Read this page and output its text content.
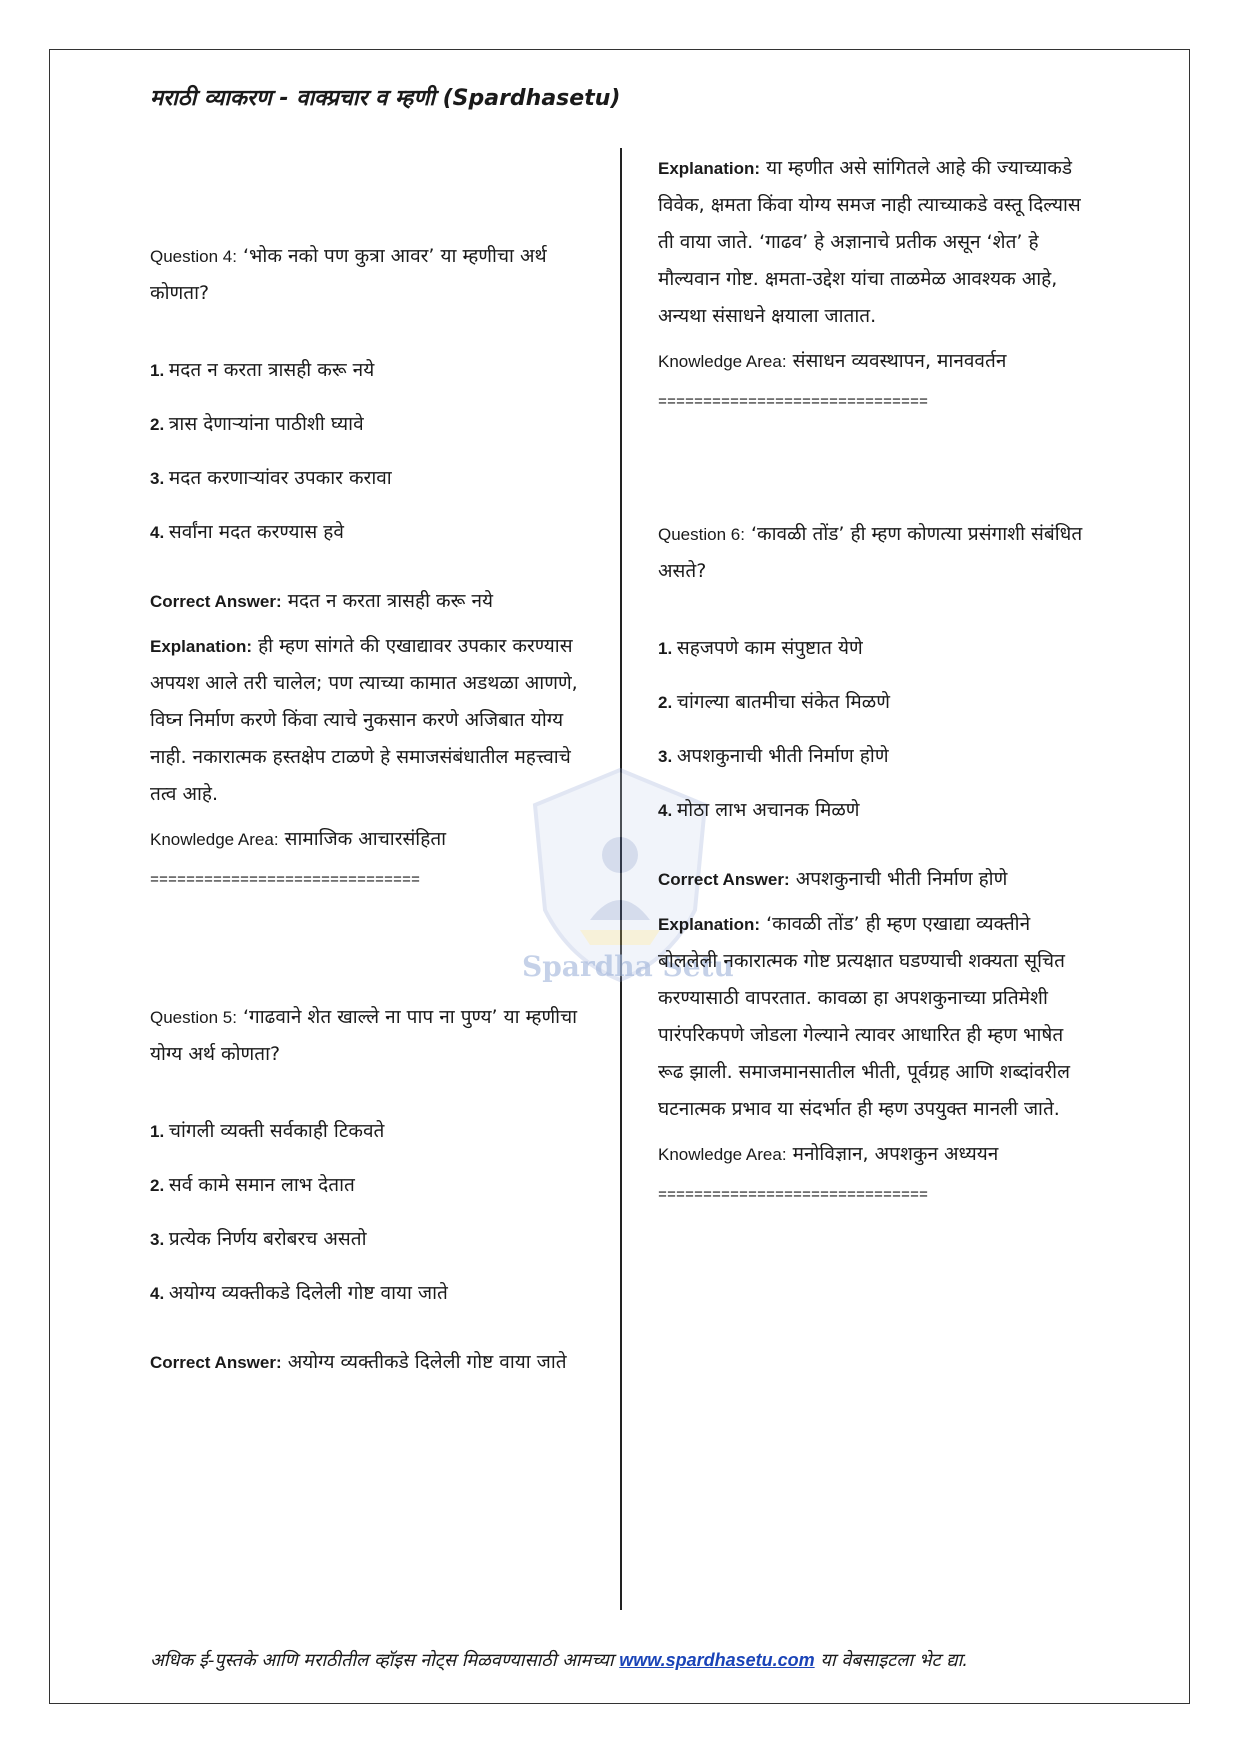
मराठी व्याकरण - वाक्प्रचार व म्हणी (Spardhasetu)
Spardha Setu
Question 4: ‘भोक नको पण कुत्रा आवर’ या म्हणीचा अर्थ कोणता?
1. मदत न करता त्रासही करू नये
2. त्रास देणाऱ्यांना पाठीशी घ्यावे
3. मदत करणाऱ्यांवर उपकार करावा
4. सर्वांना मदत करण्यास हवे
Correct Answer: मदत न करता त्रासही करू नये
Explanation: ही म्हण सांगते की एखाद्यावर उपकार करण्यास अपयश आले तरी चालेल; पण त्याच्या कामात अडथळा आणणे, विघ्न निर्माण करणे किंवा त्याचे नुकसान करणे अजिबात योग्य नाही. नकारात्मक हस्तक्षेप टाळणे हे समाजसंबंधातील महत्त्वाचे तत्व आहे.
Knowledge Area: सामाजिक आचारसंहिता
==============================
Question 5: ‘गाढवाने शेत खाल्ले ना पाप ना पुण्य’ या म्हणीचा योग्य अर्थ कोणता?
1. चांगली व्यक्ती सर्वकाही टिकवते
2. सर्व कामे समान लाभ देतात
3. प्रत्येक निर्णय बरोबरच असतो
4. अयोग्य व्यक्तीकडे दिलेली गोष्ट वाया जाते
Correct Answer: अयोग्य व्यक्तीकडे दिलेली गोष्ट वाया जाते
Explanation: या म्हणीत असे सांगितले आहे की ज्याच्याकडे विवेक, क्षमता किंवा योग्य समज नाही त्याच्याकडे वस्तू दिल्यास ती वाया जाते. ‘गाढव’ हे अज्ञानाचे प्रतीक असून ‘शेत’ हे मौल्यवान गोष्ट. क्षमता-उद्देश यांचा ताळमेळ आवश्यक आहे, अन्यथा संसाधने क्षयाला जातात.
Knowledge Area: संसाधन व्यवस्थापन, मानववर्तन
==============================
Question 6: ‘कावळी तोंड’ ही म्हण कोणत्या प्रसंगाशी संबंधित असते?
1. सहजपणे काम संपुष्टात येणे
2. चांगल्या बातमीचा संकेत मिळणे
3. अपशकुनाची भीती निर्माण होणे
4. मोठा लाभ अचानक मिळणे
Correct Answer: अपशकुनाची भीती निर्माण होणे
Explanation: ‘कावळी तोंड’ ही म्हण एखाद्या व्यक्तीने बोललेली नकारात्मक गोष्ट प्रत्यक्षात घडण्याची शक्यता सूचित करण्यासाठी वापरतात. कावळा हा अपशकुनाच्या प्रतिमेशी पारंपरिकपणे जोडला गेल्याने त्यावर आधारित ही म्हण भाषेत रूढ झाली. समाजमानसातील भीती, पूर्वग्रह आणि शब्दांवरील घटनात्मक प्रभाव या संदर्भात ही म्हण उपयुक्त मानली जाते.
Knowledge Area: मनोविज्ञान, अपशकुन अध्ययन
==============================
अधिक ई-पुस्तके आणि मराठीतील व्हॉइस नोट्स मिळवण्यासाठी आमच्या www.spardhasetu.com या वेबसाइटला भेट द्या.
